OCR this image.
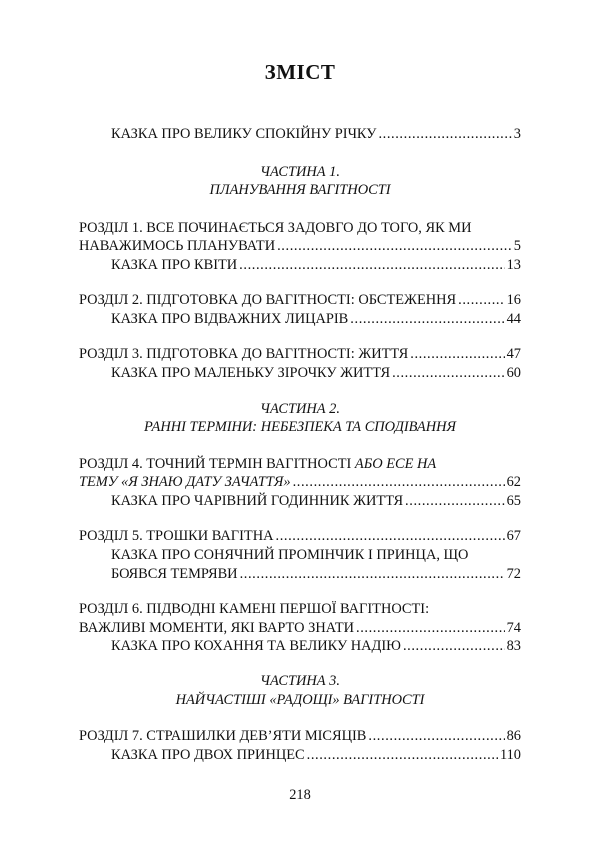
ЗМІСТ
КАЗКА ПРО ВЕЛИКУ СПОКІЙНУ РІЧКУ .....	3
ЧАСТИНА 1.
ПЛАНУВАННЯ ВАГІТНОСТІ
РОЗДІЛ 1. ВСЕ ПОЧИНАЄТЬСЯ ЗАДОВГО ДО ТОГО, ЯК МИ
НАВАЖИМОСЬ ПЛАНУВАТИ .....	5
КАЗКА ПРО КВІТИ .....	13
РОЗДІЛ 2. ПІДГОТОВКА ДО ВАГІТНОСТІ: ОБСТЕЖЕННЯ .....	16
КАЗКА ПРО ВІДВАЖНИХ ЛИЦАРІВ .....	44
РОЗДІЛ 3. ПІДГОТОВКА ДО ВАГІТНОСТІ: ЖИТТЯ .....	47
КАЗКА ПРО МАЛЕНЬКУ ЗІРОЧКУ ЖИТТЯ .....	60
ЧАСТИНА 2.
РАННІ ТЕРМІНИ: НЕБЕЗПЕКА ТА СПОДІВАННЯ
РОЗДІЛ 4. ТОЧНИЙ ТЕРМІН ВАГІТНОСТІ АБО ЕСЕ НА
ТЕМУ «Я ЗНАЮ ДАТУ ЗАЧАТТЯ» .....	62
КАЗКА ПРО ЧАРІВНИЙ ГОДИННИК ЖИТТЯ .....	65
РОЗДІЛ 5. ТРОШКИ ВАГІТНА .....	67
КАЗКА ПРО СОНЯЧНИЙ ПРОМІНЧИК І ПРИНЦА, ЩО
БОЯВСЯ ТЕМРЯВИ .....	72
РОЗДІЛ 6. ПІДВОДНІ КАМЕНІ ПЕРШОЇ ВАГІТНОСТІ:
ВАЖЛИВІ МОМЕНТИ, ЯКІ ВАРТО ЗНАТИ .....	74
КАЗКА ПРО КОХАННЯ ТА ВЕЛИКУ НАДІЮ .....	83
ЧАСТИНА 3.
НАЙЧАСТІШІ «РАДОЩІ» ВАГІТНОСТІ
РОЗДІЛ 7. СТРАШИЛКИ ДЕВ’ЯТИ МІСЯЦІВ .....	86
КАЗКА ПРО ДВОХ ПРИНЦЕС .....	110
218
